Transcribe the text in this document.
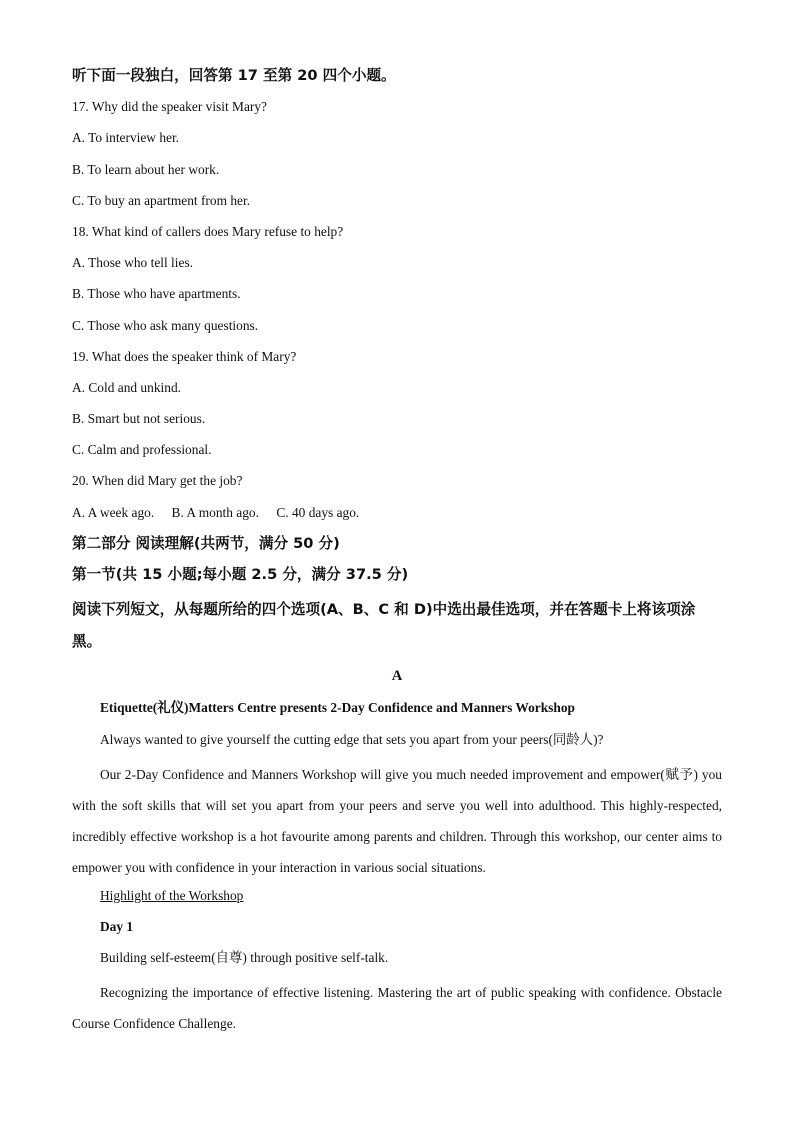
听下面一段独白，回答第 17 至第 20 四个小题。
17. Why did the speaker visit Mary?
A. To interview her.
B. To learn about her work.
C. To buy an apartment from her.
18. What kind of callers does Mary refuse to help?
A. Those who tell lies.
B. Those who have apartments.
C. Those who ask many questions.
19. What does the speaker think of Mary?
A. Cold and unkind.
B. Smart but not serious.
C. Calm and professional.
20. When did Mary get the job?
A. A week ago. B. A month ago. C. 40 days ago.
第二部分 阅读理解(共两节，满分 50 分)
第一节(共 15 小题;每小题 2.5 分，满分 37.5 分)
阅读下列短文，从每题所给的四个选项(A、B、C 和 D)中选出最佳选项，并在答题卡上将该项涂黑。
A
Etiquette(礼仪)Matters Centre presents 2-Day Confidence and Manners Workshop
Always wanted to give yourself the cutting edge that sets you apart from your peers(同龄人)?
Our 2-Day Confidence and Manners Workshop will give you much needed improvement and empower(赋予) you with the soft skills that will set you apart from your peers and serve you well into adulthood. This highly-respected, incredibly effective workshop is a hot favourite among parents and children. Through this workshop, our center aims to empower you with confidence in your interaction in various social situations.
Highlight of the Workshop
Day 1
Building self-esteem(自尊) through positive self-talk.
Recognizing the importance of effective listening. Mastering the art of public speaking with confidence. Obstacle Course Confidence Challenge.
